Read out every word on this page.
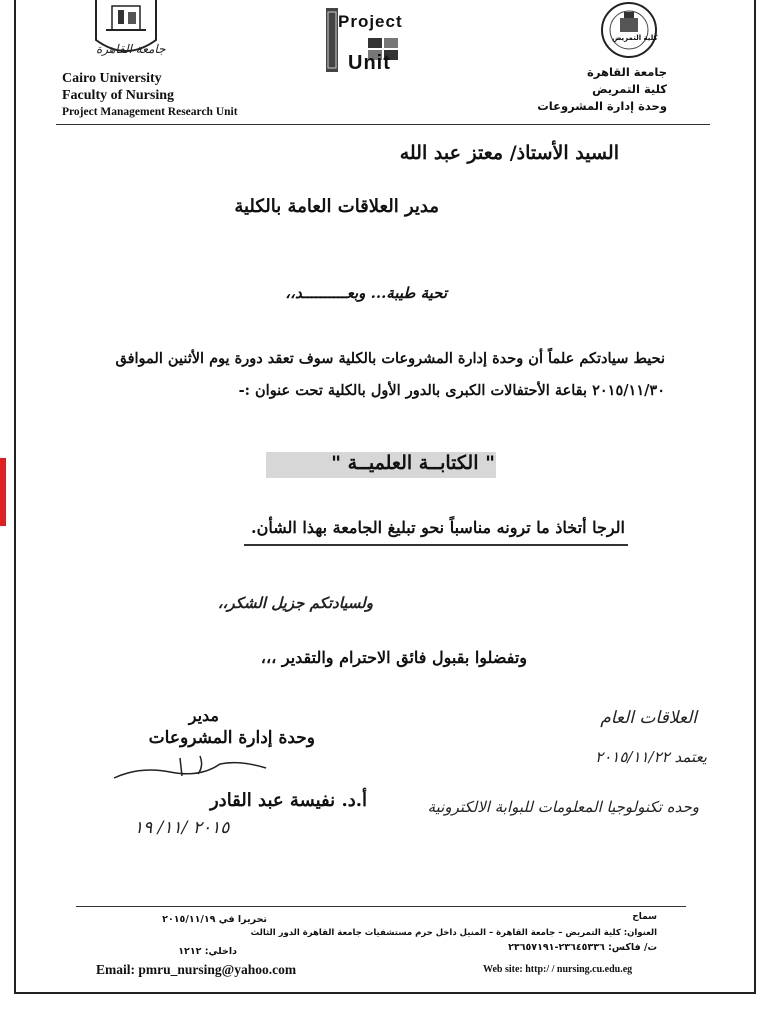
جامعة القاهرة
Project
Unit
كلية التمريض
Cairo University
Faculty of Nursing
Project Management Research Unit
جامعة القاهرة
كلية التمريض
وحدة إدارة المشروعات
السيد الأستاذ/ معتز عبد الله
مدير العلاقات العامة بالكلية
تحية طيبة... وبعــــــــــد،،
نحيط سيادتكم علماً أن وحدة إدارة المشروعات بالكلية سوف تعقد دورة يوم الأثنين الموافق
٢٠١٥/١١/٣٠ بقاعة الأحتفالات الكبرى بالدور الأول بالكلية تحت عنوان :-
" الكتابــة العلميــة "
الرجا أتخاذ ما ترونه مناسباً نحو تبليغ الجامعة بهذا الشأن.
ولسيادتكم جزيل الشكر،،
وتفضلوا بقبول فائق الاحترام والتقدير ،،،
مدير
وحدة إدارة المشروعات
أ.د. نفيسة عبد القادر
٢٠١٥ /١١/ ١٩
العلاقات العام
يعتمد ٢٠١٥/١١/٢٢
وحده تكنولوجيا المعلومات للبوابة الالكترونية
سماح
تحريرا في ٢٠١٥/١١/١٩
العنوان: كلية التمريض – جامعة القاهرة – المنيل داخل حرم مستشفيات جامعة القاهرة الدور الثالث
ت/ فاكس: ٢٣٦٤٥٣٣٦-٢٣٦٥٧١٩١
داخلي: ١٢١٢
Email: pmru_nursing@yahoo.com	Web site: http:/ / nursing.cu.edu.eg
